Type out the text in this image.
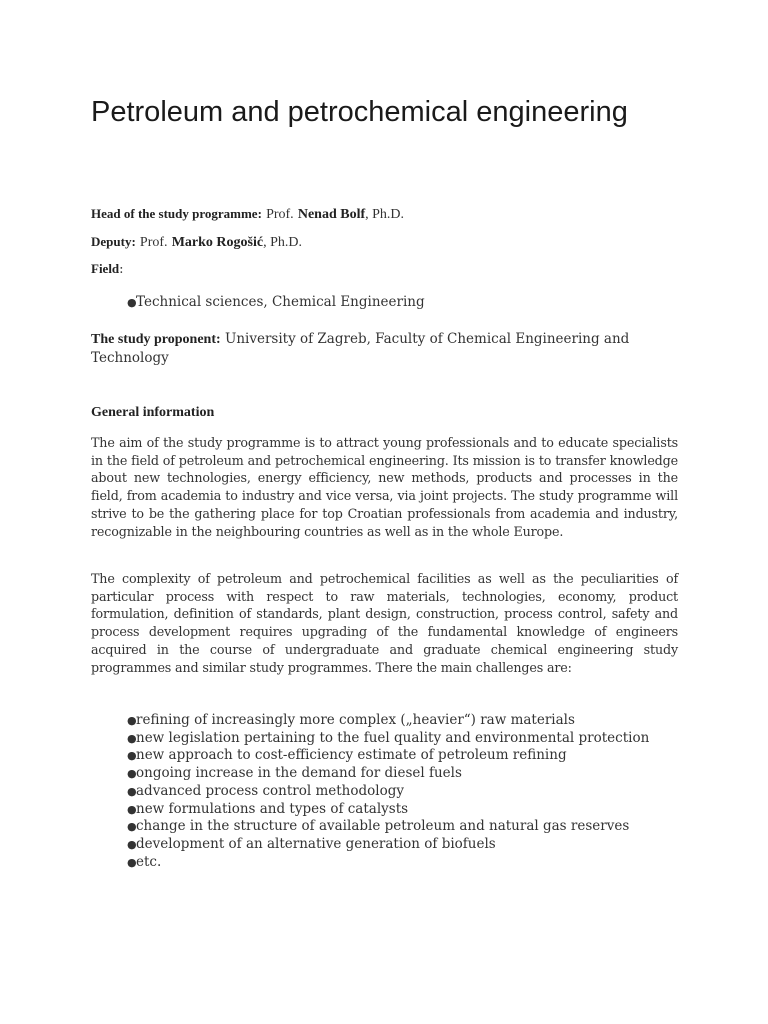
Petroleum and petrochemical engineering
Head of the study programme: Prof. Nenad Bolf, Ph.D.
Deputy: Prof. Marko Rogošić, Ph.D.
Field:
●Technical sciences, Chemical Engineering
The study proponent: University of Zagreb, Faculty of Chemical Engineering and Technology
General information

The aim of the study programme is to attract young professionals and to educate specialists in the field of petroleum and petrochemical engineering. Its mission is to transfer knowledge about new technologies, energy efficiency, new methods, products and processes in the field, from academia to industry and vice versa, via joint projects. The study programme will strive to be the gathering place for top Croatian professionals from academia and industry, recognizable in the neighbouring countries as well as in the whole Europe.

The complexity of petroleum and petrochemical facilities as well as the peculiarities of particular process with respect to raw materials, technologies, economy, product formulation, definition of standards, plant design, construction, process control, safety and process development requires upgrading of the fundamental knowledge of engineers acquired in the course of undergraduate and graduate chemical engineering study programmes and similar study programmes. There the main challenges are:

●refining of increasingly more complex („heavier“) raw materials
●new legislation pertaining to the fuel quality and environmental protection
●new approach to cost-efficiency estimate of petroleum refining
●ongoing increase in the demand for diesel fuels
●advanced process control methodology
●new formulations and types of catalysts
●change in the structure of available petroleum and natural gas reserves
●development of an alternative generation of biofuels
●etc.
